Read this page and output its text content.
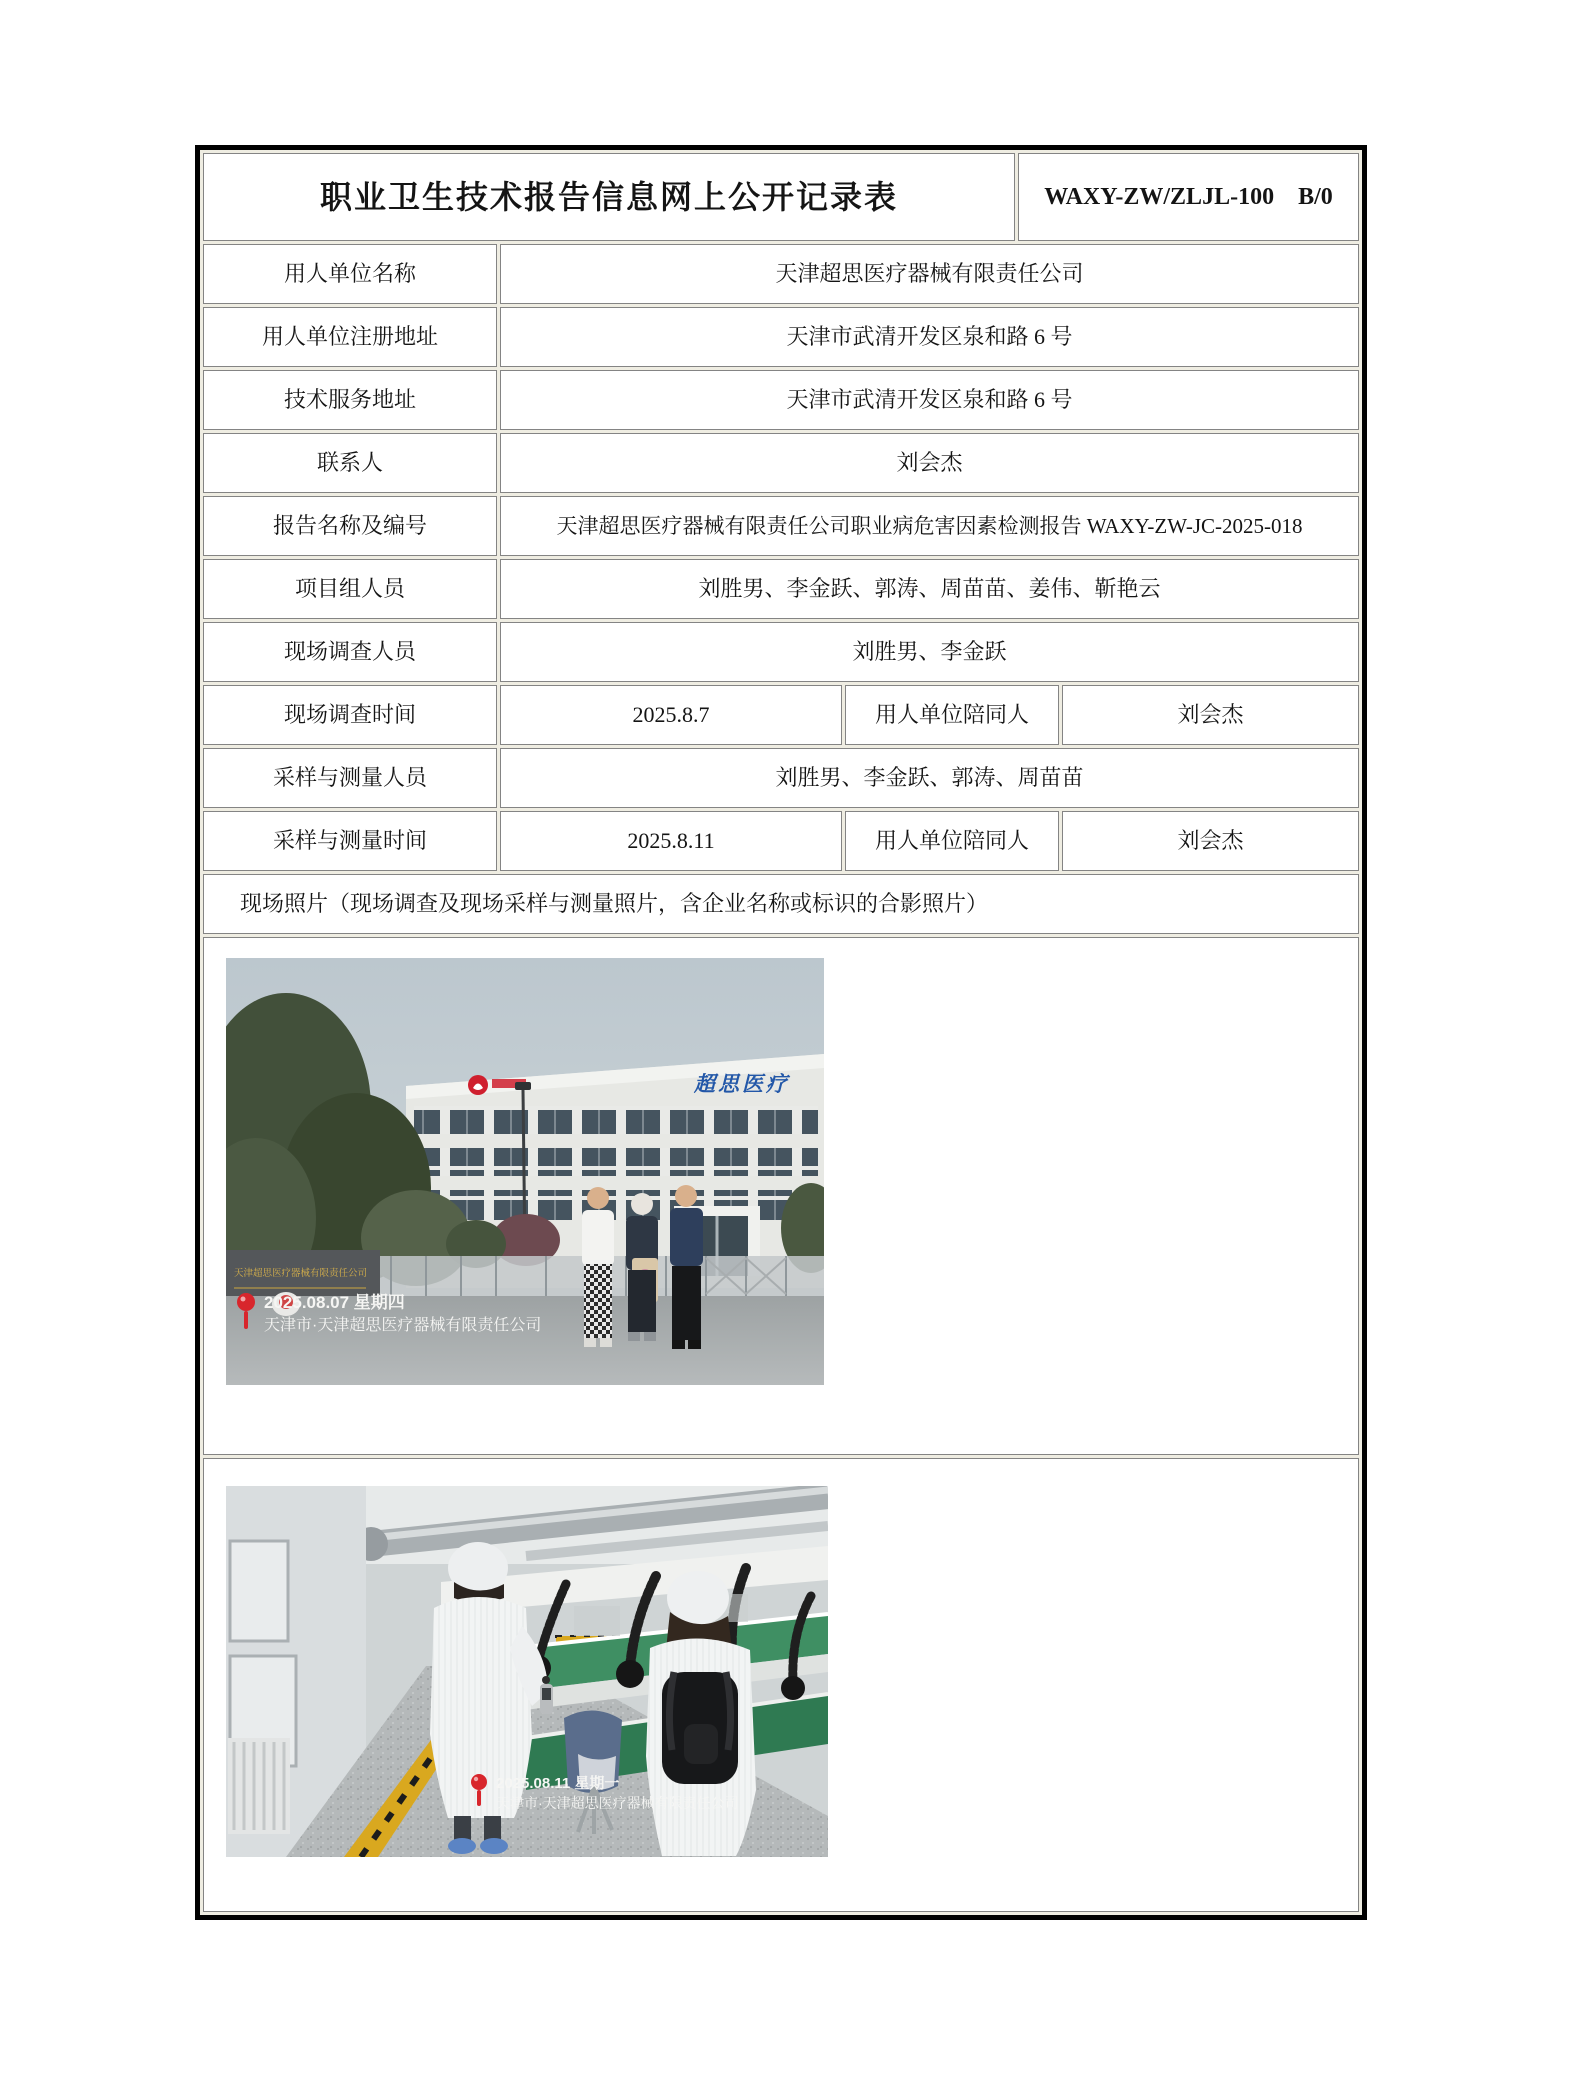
职业卫生技术报告信息网上公开记录表	WAXY-ZW/ZLJL-100    B/0
用人单位名称	天津超思医疗器械有限责任公司
用人单位注册地址	天津市武清开发区泉和路 6 号
技术服务地址	天津市武清开发区泉和路 6 号
联系人	刘会杰
报告名称及编号	天津超思医疗器械有限责任公司职业病危害因素检测报告 WAXY-ZW-JC-2025-018
项目组人员	刘胜男、李金跃、郭涛、周苗苗、姜伟、靳艳云
现场调查人员	刘胜男、李金跃
现场调查时间	2025.8.7	用人单位陪同人	刘会杰
采样与测量人员	刘胜男、李金跃、郭涛、周苗苗
采样与测量时间	2025.8.11	用人单位陪同人	刘会杰
现场照片（现场调查及现场采样与测量照片，含企业名称或标识的合影照片）
超思医疗
天津超思医疗器械有限责任公司
2025.08.07 星期四
天津市·天津超思医疗器械有限责任公司
2025.08.11 星期一
天津市·天津超思医疗器械有限责任公司
